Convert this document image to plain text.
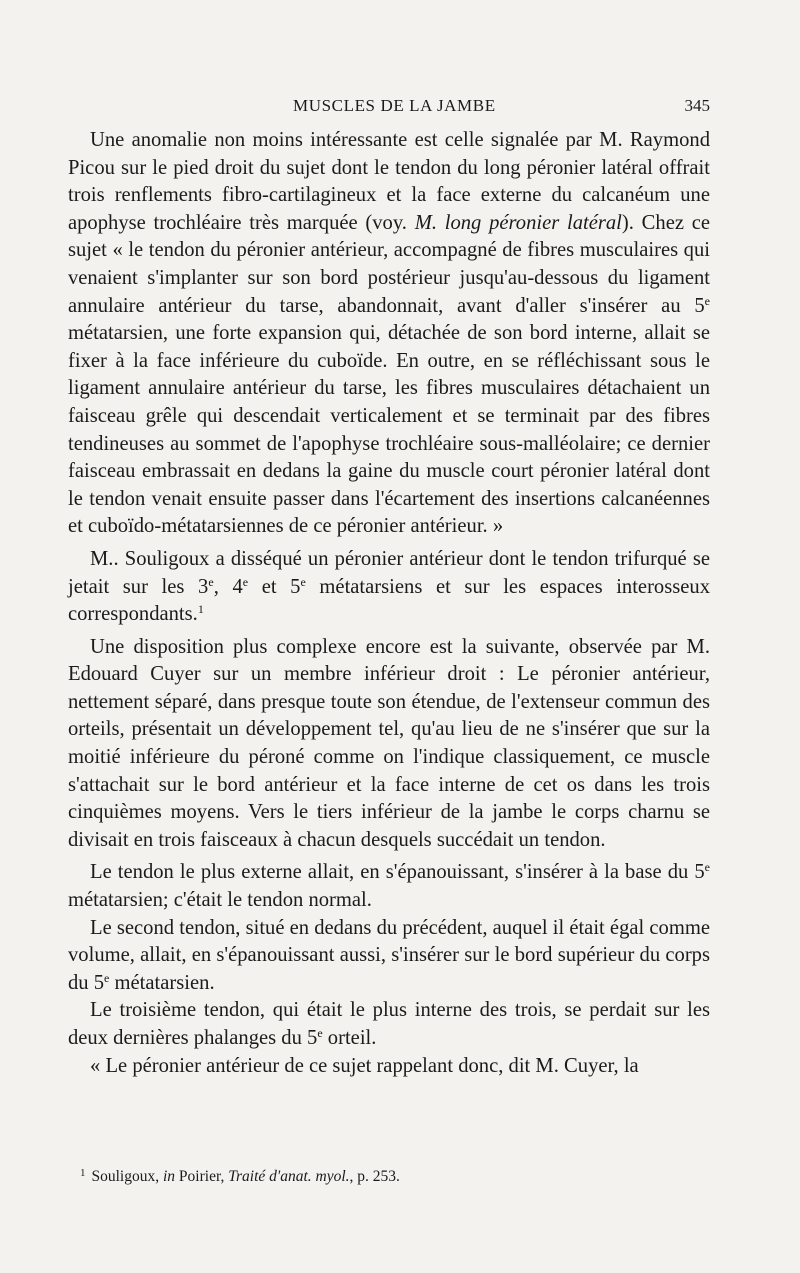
MUSCLES DE LA JAMBE	345

Une anomalie non moins intéressante est celle signalée par M. Raymond Picou sur le pied droit du sujet dont le tendon du long péronier latéral offrait trois renflements fibro-cartilagineux et la face externe du calcanéum une apophyse trochléaire très marquée (voy. M. long péronier latéral). Chez ce sujet « le tendon du péronier antérieur, accompagné de fibres musculaires qui venaient s'implanter sur son bord postérieur jusqu'au-dessous du ligament annulaire antérieur du tarse, abandonnait, avant d'aller s'insérer au 5e métatarsien, une forte expansion qui, détachée de son bord interne, allait se fixer à la face inférieure du cuboïde. En outre, en se réfléchissant sous le ligament annulaire antérieur du tarse, les fibres musculaires détachaient un faisceau grêle qui descendait verticalement et se terminait par des fibres tendineuses au sommet de l'apophyse trochléaire sous-malléolaire; ce dernier faisceau embrassait en dedans la gaine du muscle court péronier latéral dont le tendon venait ensuite passer dans l'écartement des insertions calcanéennes et cuboïdo-métatarsiennes de ce péronier antérieur. »

M.. Souligoux a disséqué un péronier antérieur dont le tendon trifurqué se jetait sur les 3e, 4e et 5e métatarsiens et sur les espaces interosseux correspondants.$^1$

Une disposition plus complexe encore est la suivante, observée par M. Edouard Cuyer sur un membre inférieur droit : Le péronier antérieur, nettement séparé, dans presque toute son étendue, de l'extenseur commun des orteils, présentait un développement tel, qu'au lieu de ne s'insérer que sur la moitié inférieure du péroné comme on l'indique classiquement, ce muscle s'attachait sur le bord antérieur et la face interne de cet os dans les trois cinquièmes moyens. Vers le tiers inférieur de la jambe le corps charnu se divisait en trois faisceaux à chacun desquels succédait un tendon.

Le tendon le plus externe allait, en s'épanouissant, s'insérer à la base du 5e métatarsien; c'était le tendon normal.

Le second tendon, situé en dedans du précédent, auquel il était égal comme volume, allait, en s'épanouissant aussi, s'insérer sur le bord supérieur du corps du 5e métatarsien.

Le troisième tendon, qui était le plus interne des trois, se perdait sur les deux dernières phalanges du 5e orteil.

« Le péronier antérieur de ce sujet rappelant donc, dit M. Cuyer, la

$^1$ Souligoux, in Poirier, Traité d'anat. myol., p. 253.
